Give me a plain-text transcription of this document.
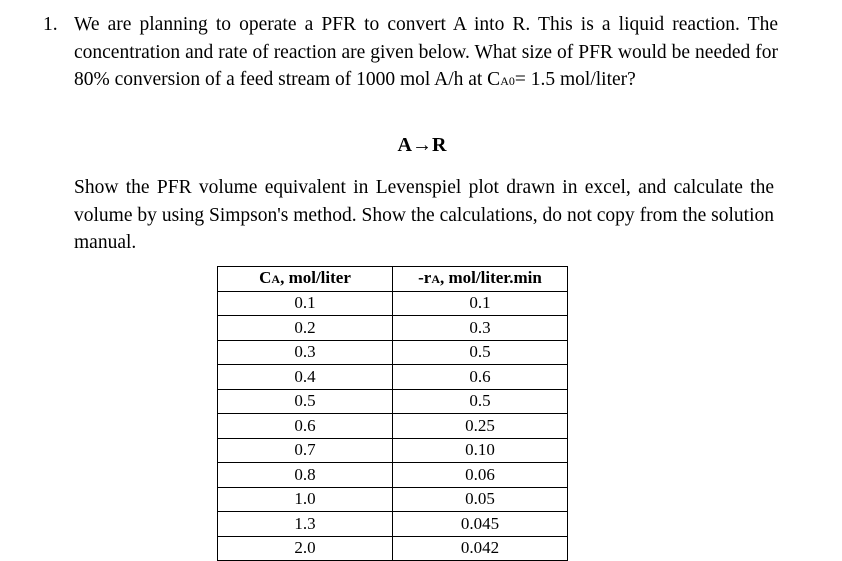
1. We are planning to operate a PFR to convert A into R. This is a liquid reaction. The concentration and rate of reaction are given below. What size of PFR would be needed for 80% conversion of a feed stream of 1000 mol A/h at CA0= 1.5 mol/liter?
A→R
Show the PFR volume equivalent in Levenspiel plot drawn in excel, and calculate the volume by using Simpson's method. Show the calculations, do not copy from the solution manual.
CA, mol/liter	-rA, mol/liter.min
0.1	0.1
0.2	0.3
0.3	0.5
0.4	0.6
0.5	0.5
0.6	0.25
0.7	0.10
0.8	0.06
1.0	0.05
1.3	0.045
2.0	0.042
